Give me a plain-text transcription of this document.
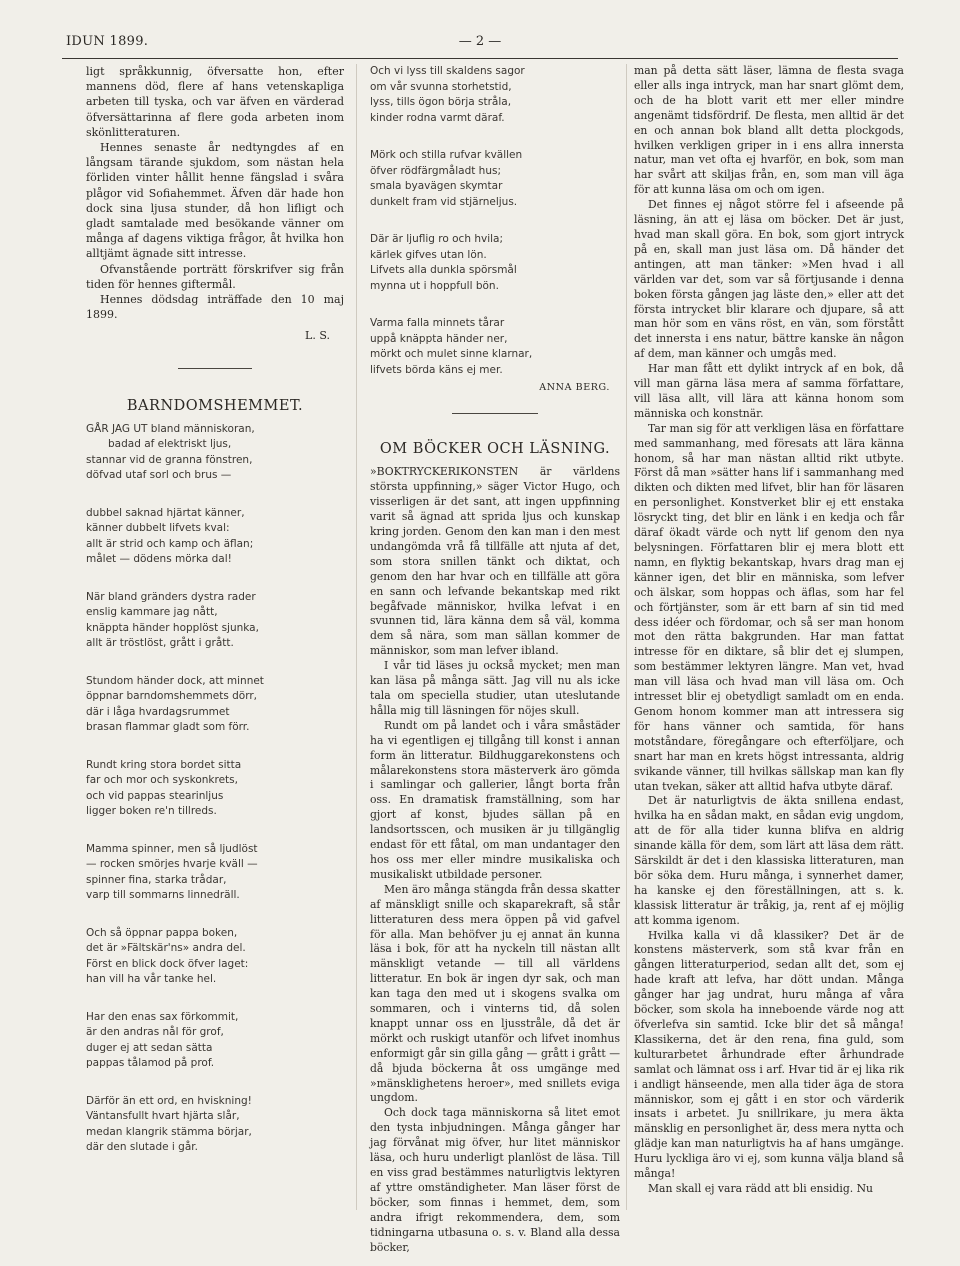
— 2 —
IDUN 1899.

ligt språkkunnig, öfversatte hon, efter mannens död, flere af hans vetenskapliga arbeten till tyska, och var äfven en värderad öfversättarinna af flere goda arbeten inom skönlitteraturen.

Hennes senaste år nedtyngdes af en långsam tärande sjukdom, som nästan hela förliden vinter hållit henne fängslad i svåra plågor vid Sofiahemmet. Äfven där hade hon dock sina ljusa stunder, då hon lifligt och gladt samtalade med besökande vänner om många af dagens viktiga frågor, åt hvilka hon alltjämt ägnade sitt intresse.

Ofvanstående porträtt förskrifver sig från tiden för hennes giftermål.

Hennes dödsdag inträffade den 10 maj 1899.

L. S.
BARNDOMSHEMMET.
GÅR JAG UT bland människoran,
badad af elektriskt ljus,
stannar vid de granna fönstren,
döfvad utaf sorl och brus —
dubbel saknad hjärtat känner,
känner dubbelt lifvets kval:
allt är strid och kamp och äflan;
målet — dödens mörka dal!
När bland gränders dystra rader
enslig kammare jag nått,
knäppta händer hopplöst sjunka,
allt är tröstlöst, grått i grått.
Stundom händer dock, att minnet
öppnar barndomshemmets dörr,
där i låga hvardagsrummet
brasan flammar gladt som förr.
Rundt kring stora bordet sitta
far och mor och syskonkrets,
och vid pappas stearinljus
ligger boken re'n tillreds.
Mamma spinner, men så ljudlöst
— rocken smörjes hvarje kväll —
spinner fina, starka trådar,
varp till sommarns linnedräll.
Och så öppnar pappa boken,
det är »Fältskär'ns» andra del.
Först en blick dock öfver laget:
han vill ha vår tanke hel.
Har den enas sax förkommit,
är den andras nål för grof,
duger ej att sedan sätta
pappas tålamod på prof.
Därför än ett ord, en hviskning!
Väntansfullt hvart hjärta slår,
medan klangrik stämma börjar,
där den slutade i går.
Och vi lyss till skaldens sagor
om vår svunna storhetstid,
lyss, tills ögon börja stråla,
kinder rodna varmt däraf.
Mörk och stilla rufvar kvällen
öfver rödfärgmåladt hus;
smala byavägen skymtar
dunkelt fram vid stjärneljus.
Där är ljuflig ro och hvila;
kärlek gifves utan lön.
Lifvets alla dunkla spörsmål
mynna ut i hoppfull bön.
Varma falla minnets tårar
uppå knäppta händer ner,
mörkt och mulet sinne klarnar,
lifvets börda käns ej mer.
ANNA BERG.
OM BÖCKER OCH LÄSNING.

»BOKTRYCKERIKONSTEN är världens största uppfinning,» säger Victor Hugo, och visserligen är det sant, att ingen uppfinning varit så ägnad att sprida ljus och kunskap kring jorden. Genom den kan man i den mest undangömda vrå få tillfälle att njuta af det, som stora snillen tänkt och diktat, och genom den har hvar och en tillfälle att göra en sann och lefvande bekantskap med rikt begåfvade människor, hvilka lefvat i en svunnen tid, lära känna dem så väl, komma dem så nära, som man sällan kommer de människor, som man lefver ibland.

I vår tid läses ju också mycket; men man kan läsa på många sätt. Jag vill nu als icke tala om speciella studier, utan uteslutande hålla mig till läsningen för nöjes skull.

Rundt om på landet och i våra småstäder ha vi egentligen ej tillgång till konst i annan form än litteratur. Bildhuggarekonstens och målarekonstens stora mästerverk äro gömda i samlingar och gallerier, långt borta från oss. En dramatisk framställning, som har gjort af konst, bjudes sällan på en landsortsscen, och musiken är ju tillgänglig endast för ett fåtal, om man undantager den hos oss mer eller mindre musikaliska och musikaliskt utbildade personer.

Men äro många stängda från dessa skatter af mänskligt snille och skaparekraft, så står litteraturen dess mera öppen på vid gafvel för alla. Man behöfver ju ej annat än kunna läsa i bok, för att ha nyckeln till nästan allt mänskligt vetande — till all världens litteratur. En bok är ingen dyr sak, och man kan taga den med ut i skogens svalka om sommaren, och i vinterns tid, då solen knappt unnar oss en ljusstråle, då det är mörkt och ruskigt utanför och lifvet inomhus enformigt går sin gilla gång — grått i grått — då bjuda böckerna åt oss umgänge med »mänsklighetens heroer», med snillets eviga ungdom.

Och dock taga människorna så litet emot den tysta inbjudningen. Många gånger har jag förvånat mig öfver, hur litet människor läsa, och huru underligt planlöst de läsa. Till en viss grad bestämmes naturligtvis lektyren af yttre omständigheter. Man läser först de böcker, som finnas i hemmet, dem, som andra ifrigt rekommendera, dem, som tidningarna utbasuna o. s. v. Bland alla dessa böcker,

man på detta sätt läser, lämna de flesta svaga eller alls inga intryck, man har snart glömt dem, och de ha blott varit ett mer eller mindre angenämt tidsfördrif. De flesta, men alltid är det en och annan bok bland allt detta plockgods, hvilken verkligen griper in i ens allra innersta natur, man vet ofta ej hvarför, en bok, som man har svårt att skiljas från, en, som man vill äga för att kunna läsa om och om igen.

Det finnes ej något större fel i afseende på läsning, än att ej läsa om böcker. Det är just, hvad man skall göra. En bok, som gjort intryck på en, skall man just läsa om. Då händer det antingen, att man tänker: »Men hvad i all världen var det, som var så förtjusande i denna boken första gången jag läste den,» eller att det första intrycket blir klarare och djupare, så att man hör som en väns röst, en vän, som förstått det innersta i ens natur, bättre kanske än någon af dem, man känner och umgås med.

Har man fått ett dylikt intryck af en bok, då vill man gärna läsa mera af samma författare, vill läsa allt, vill lära att känna honom som människa och konstnär.

Tar man sig för att verkligen läsa en författare med sammanhang, med föresats att lära känna honom, så har man nästan alltid rikt utbyte. Först då man »sätter hans lif i sammanhang med dikten och dikten med lifvet, blir han för läsaren en personlighet. Konstverket blir ej ett enstaka lösryckt ting, det blir en länk i en kedja och får däraf ökadt värde och nytt lif genom den nya belysningen. Författaren blir ej mera blott ett namn, en flyktig bekantskap, hvars drag man ej känner igen, det blir en människa, som lefver och älskar, som hoppas och äflas, som har fel och förtjänster, som är ett barn af sin tid med dess idéer och fördomar, och så ser man honom mot den rätta bakgrunden. Har man fattat intresse för en diktare, så blir det ej slumpen, som bestämmer lektyren längre. Man vet, hvad man vill läsa och hvad man vill läsa om. Och intresset blir ej obetydligt samladt om en enda. Genom honom kommer man att intressera sig för hans vänner och samtida, för hans motståndare, föregångare och efterföljare, och snart har man en krets högst intressanta, aldrig svikande vänner, till hvilkas sällskap man kan fly utan tvekan, säker att alltid hafva utbyte däraf.

Det är naturligtvis de äkta snillena endast, hvilka ha en sådan makt, en sådan evig ungdom, att de för alla tider kunna blifva en aldrig sinande källa för dem, som lärt att läsa dem rätt. Särskildt är det i den klassiska litteraturen, man bör söka dem. Huru många, i synnerhet damer, ha kanske ej den föreställningen, att s. k. klassisk litteratur är tråkig, ja, rent af ej möjlig att komma igenom.

Hvilka kalla vi då klassiker? Det är de konstens mästerverk, som stå kvar från en gången litteraturperiod, sedan allt det, som ej hade kraft att lefva, har dött undan. Många gånger har jag undrat, huru många af våra böcker, som skola ha inneboende värde nog att öfverlefva sin samtid. Icke blir det så många! Klassikerna, det är den rena, fina guld, som kulturarbetet århundrade efter århundrade samlat och lämnat oss i arf. Hvar tid är ej lika rik i andligt hänseende, men alla tider äga de stora människor, som ej gått i en stor och värderik insats i arbetet. Ju snillrikare, ju mera äkta mänsklig en personlighet är, dess mera nytta och glädje kan man naturligtvis ha af hans umgänge. Huru lyckliga äro vi ej, som kunna välja bland så många!

Man skall ej vara rädd att bli ensidig. Nu
